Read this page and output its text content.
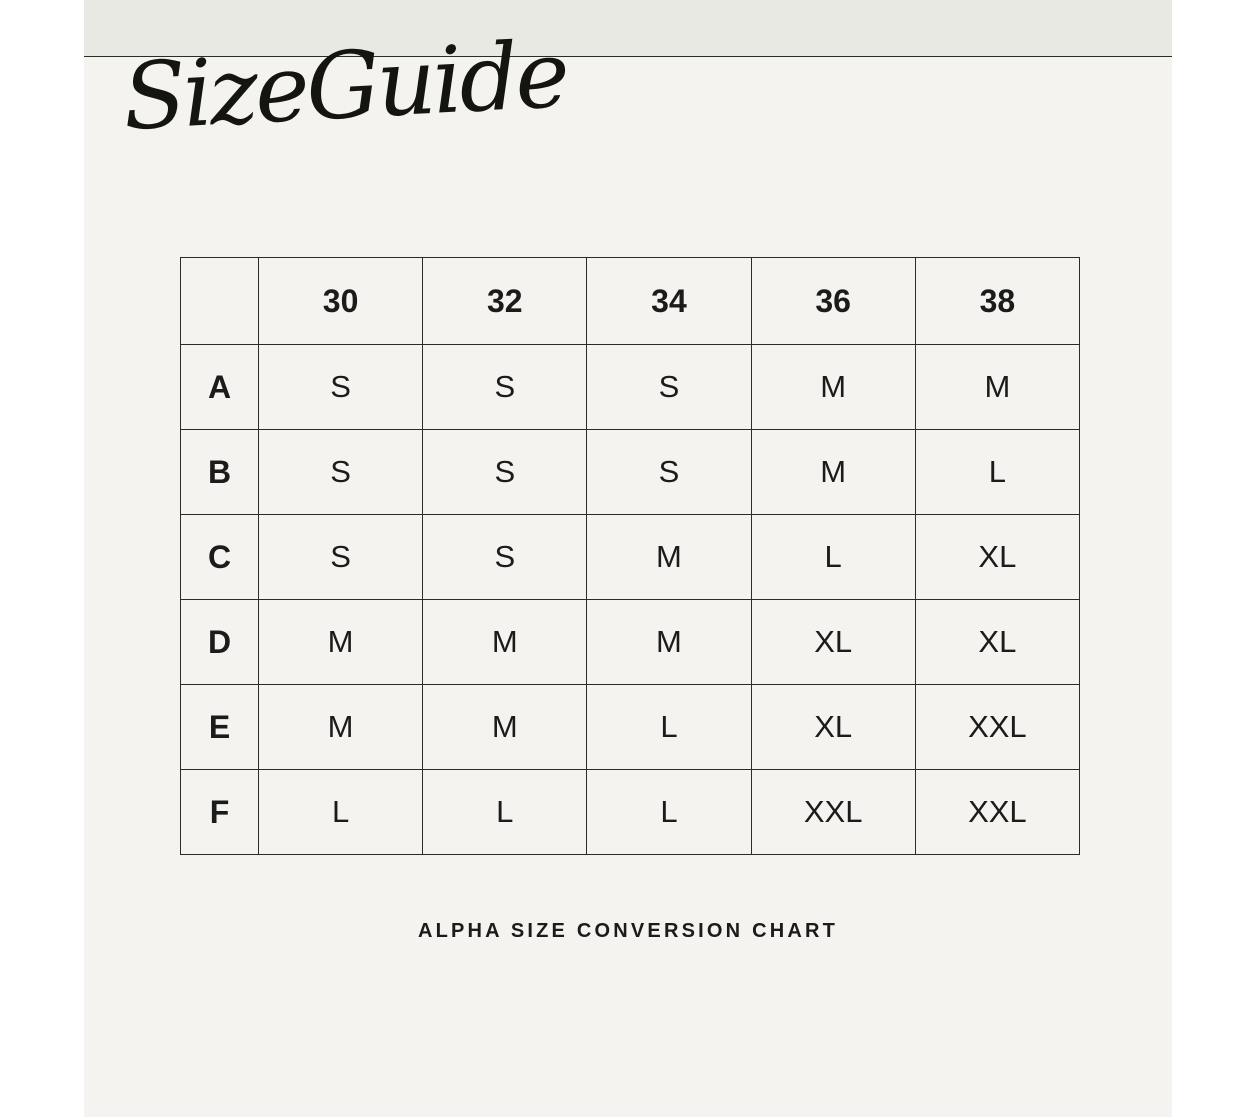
SizeGuide
	30	32	34	36	38
A	S	S	S	M	M
B	S	S	S	M	L
C	S	S	M	L	XL
D	M	M	M	XL	XL
E	M	M	L	XL	XXL
F	L	L	L	XXL	XXL
ALPHA SIZE CONVERSION CHART
